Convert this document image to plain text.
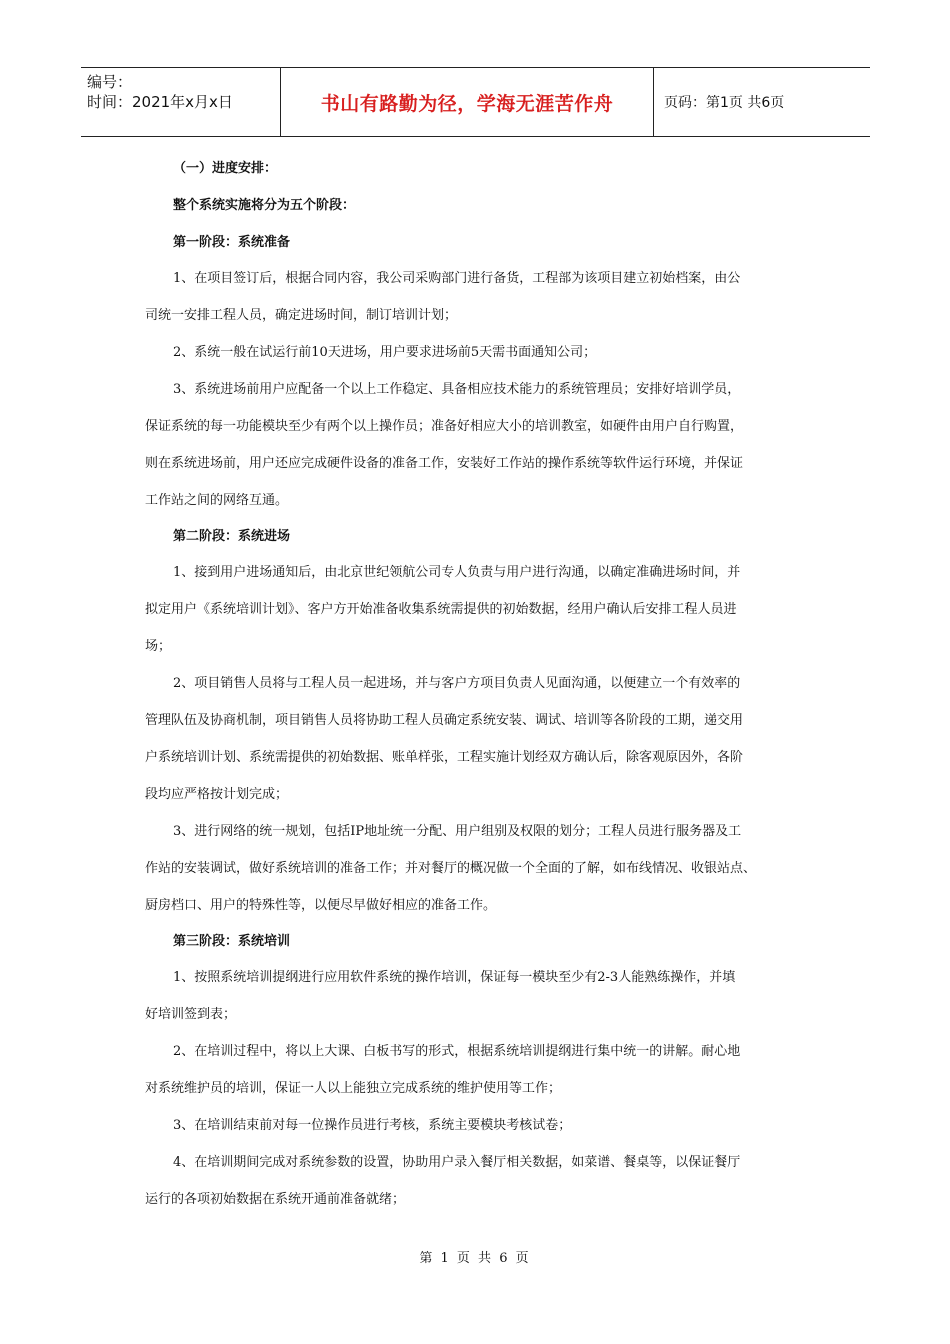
编号：
时间：2021年x月x日	书山有路勤为径，学海无涯苦作舟	页码：第1页 共6页
（一）进度安排：
整个系统实施将分为五个阶段：
第一阶段：系统准备
1、在项目签订后，根据合同内容，我公司采购部门进行备货，工程部为该项目建立初始档案，由公
司统一安排工程人员，确定进场时间，制订培训计划；
2、系统一般在试运行前10天进场，用户要求进场前5天需书面通知公司；
3、系统进场前用户应配备一个以上工作稳定、具备相应技术能力的系统管理员；安排好培训学员，
保证系统的每一功能模块至少有两个以上操作员；准备好相应大小的培训教室，如硬件由用户自行购置，
则在系统进场前，用户还应完成硬件设备的准备工作，安装好工作站的操作系统等软件运行环境，并保证
工作站之间的网络互通。
第二阶段：系统进场
1、接到用户进场通知后，由北京世纪领航公司专人负责与用户进行沟通，以确定准确进场时间，并
拟定用户《系统培训计划》、客户方开始准备收集系统需提供的初始数据，经用户确认后安排工程人员进
场；
2、项目销售人员将与工程人员一起进场，并与客户方项目负责人见面沟通，以便建立一个有效率的
管理队伍及协商机制，项目销售人员将协助工程人员确定系统安装、调试、培训等各阶段的工期，递交用
户系统培训计划、系统需提供的初始数据、账单样张，工程实施计划经双方确认后，除客观原因外，各阶
段均应严格按计划完成；
3、进行网络的统一规划，包括IP地址统一分配、用户组别及权限的划分；工程人员进行服务器及工
作站的安装调试，做好系统培训的准备工作；并对餐厅的概况做一个全面的了解，如布线情况、收银站点、
厨房档口、用户的特殊性等，以便尽早做好相应的准备工作。
第三阶段：系统培训
1、按照系统培训提纲进行应用软件系统的操作培训，保证每一模块至少有2-3人能熟练操作，并填
好培训签到表；
2、在培训过程中，将以上大课、白板书写的形式，根据系统培训提纲进行集中统一的讲解。耐心地
对系统维护员的培训，保证一人以上能独立完成系统的维护使用等工作；
3、在培训结束前对每一位操作员进行考核，系统主要模块考核试卷；
4、在培训期间完成对系统参数的设置，协助用户录入餐厅相关数据，如菜谱、餐桌等，以保证餐厅
运行的各项初始数据在系统开通前准备就绪；
第 1 页 共 6 页
